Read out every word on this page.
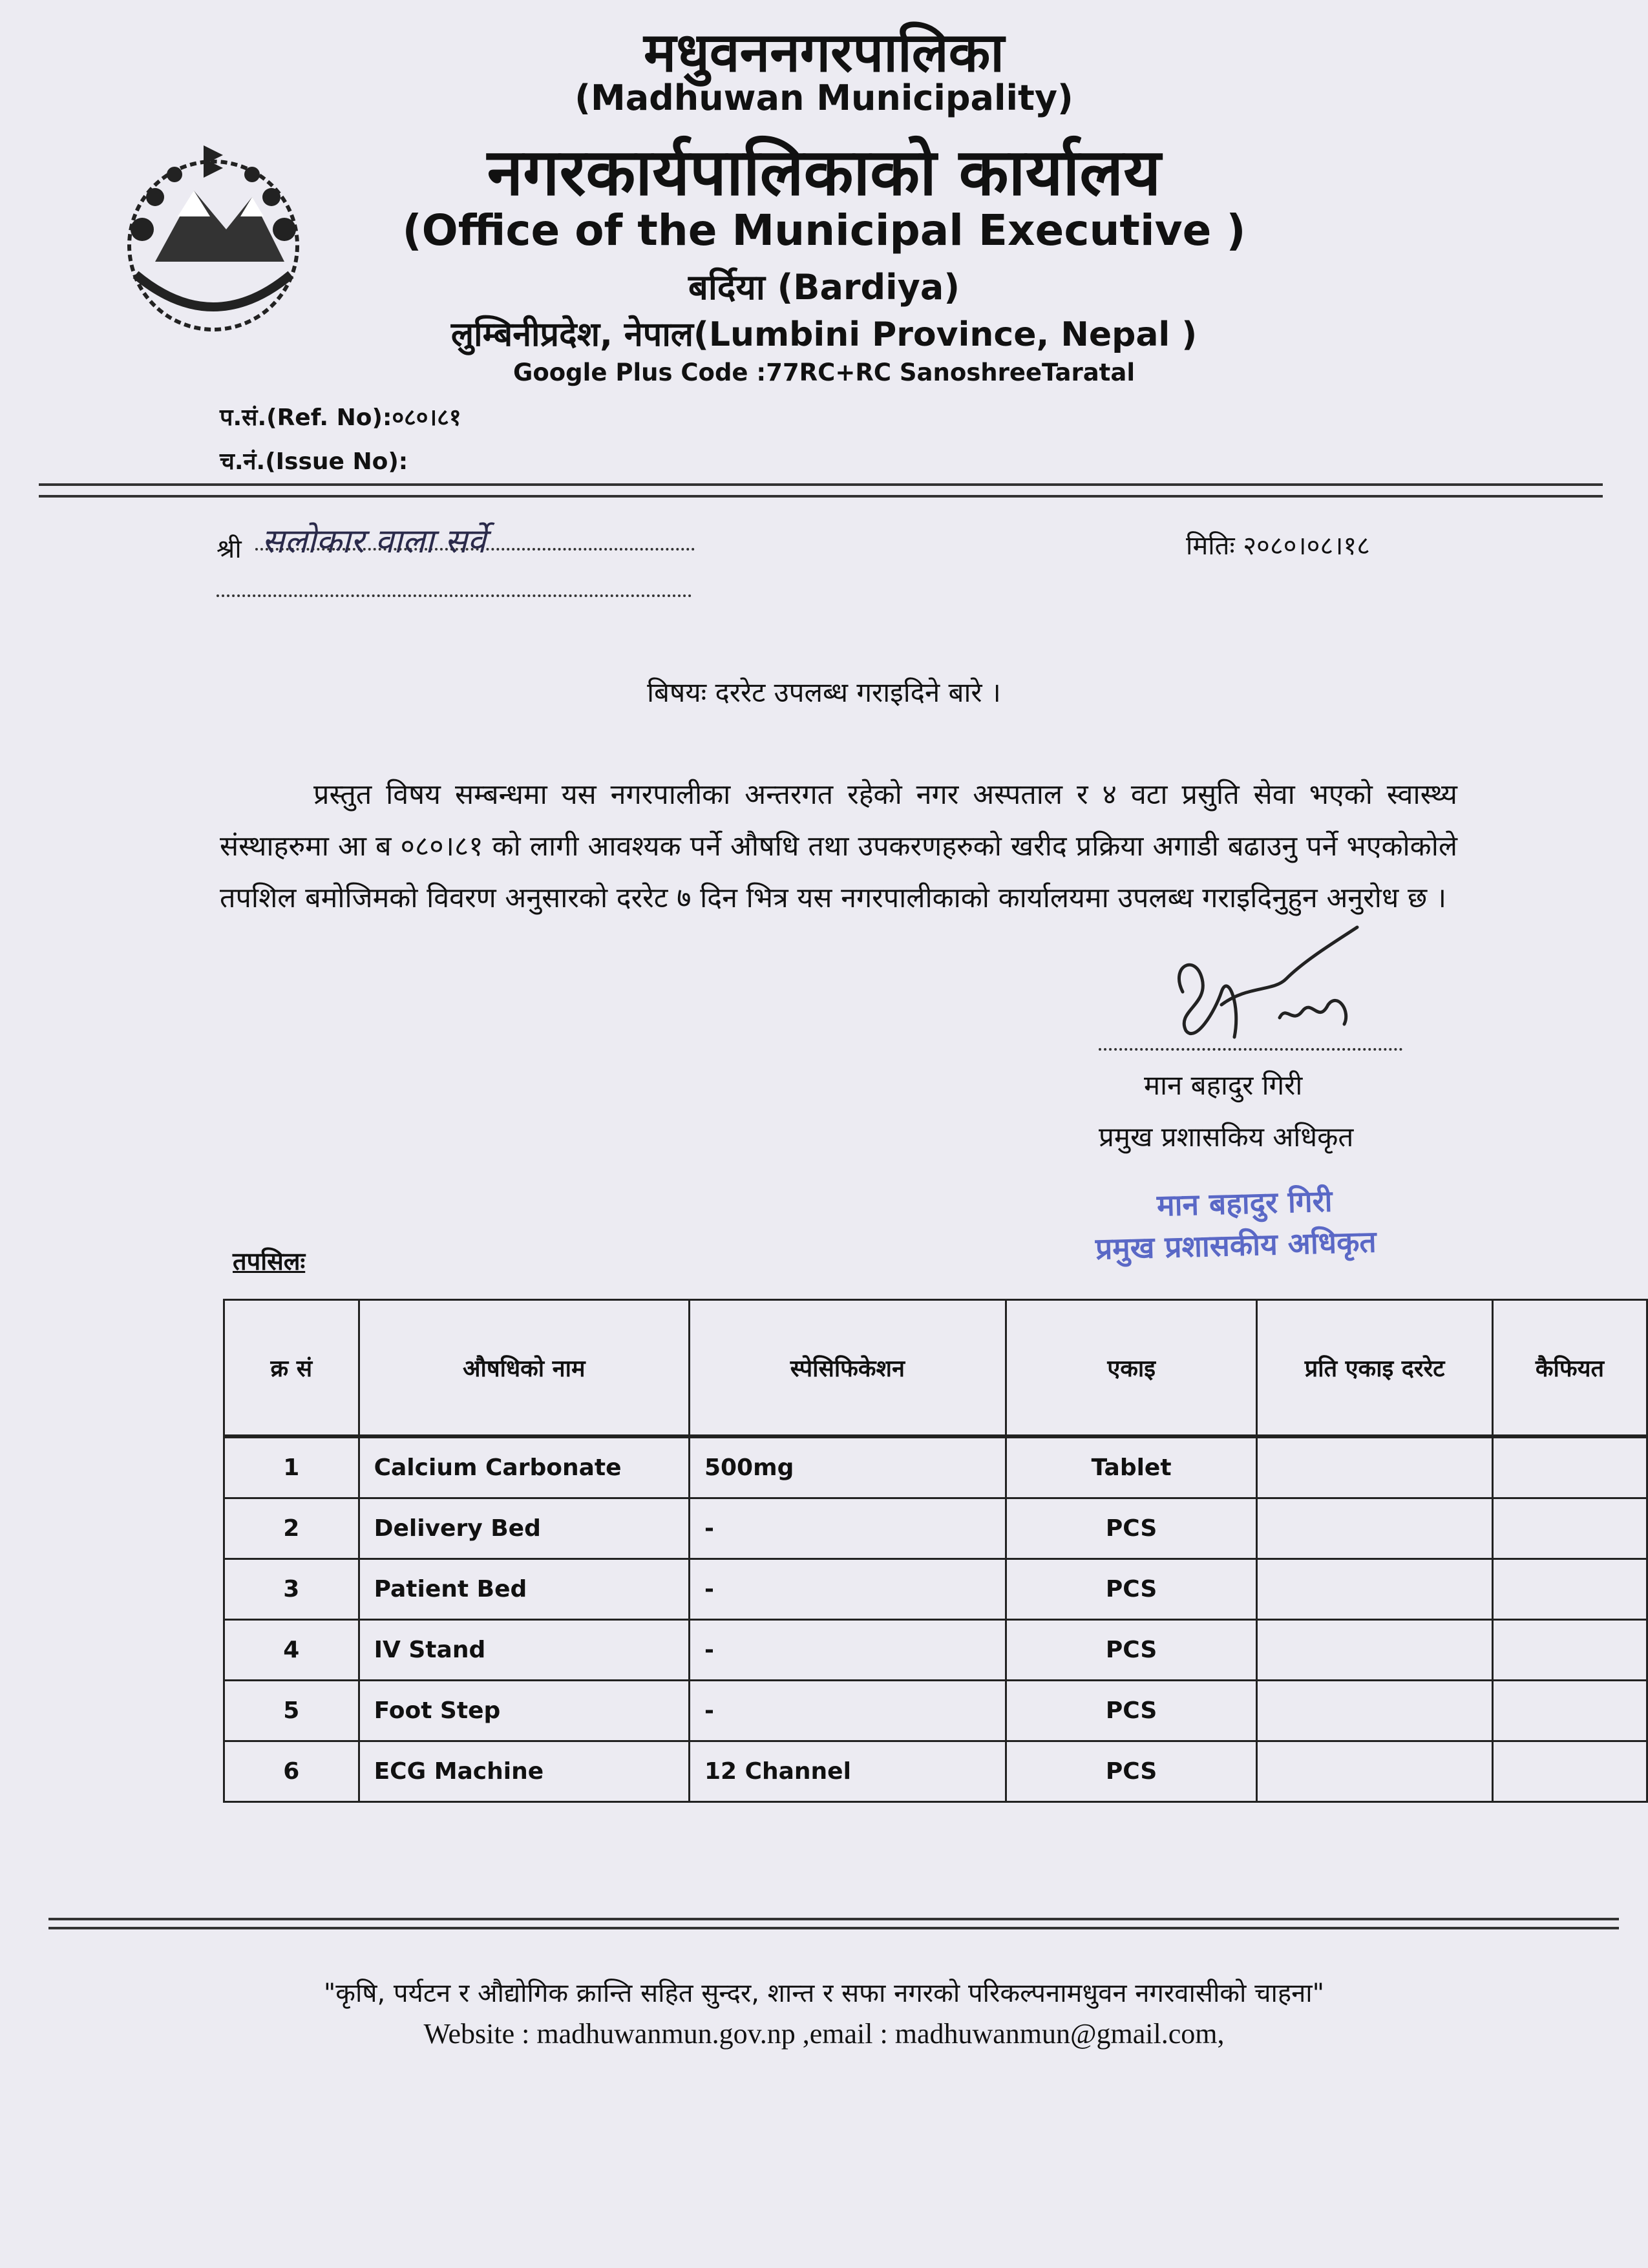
मधुवननगरपालिका
(Madhuwan Municipality)
नगरकार्यपालिकाको कार्यालय
(Office of the Municipal Executive )
बर्दिया (Bardiya)
लुम्बिनीप्रदेश, नेपाल(Lumbini Province, Nepal )
Google Plus Code :77RC+RC SanoshreeTaratal
प.सं.(Ref. No):०८०।८१
च.नं.(Issue No):
श्री सलोकार वाला सर्वे	मितिः २०८०।०८।१८
बिषयः दररेट उपलब्ध गराइदिने बारे ।
प्रस्तुत विषय सम्बन्धमा यस नगरपालीका अन्तरगत रहेको नगर अस्पताल र ४ वटा प्रसुति सेवा भएको स्वास्थ्य संस्थाहरुमा आ ब ०८०।८१ को लागी आवश्यक पर्ने औषधि तथा उपकरणहरुको खरीद प्रक्रिया अगाडी बढाउनु पर्ने भएकोकोले तपशिल बमोजिमको विवरण अनुसारको दररेट ७ दिन भित्र यस नगरपालीकाको कार्यालयमा उपलब्ध गराइदिनुहुन अनुरोध छ ।
मान बहादुर गिरी
प्रमुख प्रशासकिय अधिकृत
मान बहादुर गिरी
प्रमुख प्रशासकीय अधिकृत
तपसिलः
क्र सं	औषधिको नाम	स्पेसिफिकेशन	एकाइ	प्रति एकाइ दररेट	कैफियत
1	Calcium Carbonate	500mg	Tablet		
2	Delivery Bed	-	PCS		
3	Patient Bed	-	PCS		
4	IV Stand	-	PCS		
5	Foot Step	-	PCS		
6	ECG Machine	12 Channel	PCS		
"कृषि, पर्यटन र औद्योगिक क्रान्ति सहित सुन्दर, शान्त र सफा नगरको परिकल्पनामधुवन नगरवासीको चाहना"
Website : madhuwanmun.gov.np ,email : madhuwanmun@gmail.com,
